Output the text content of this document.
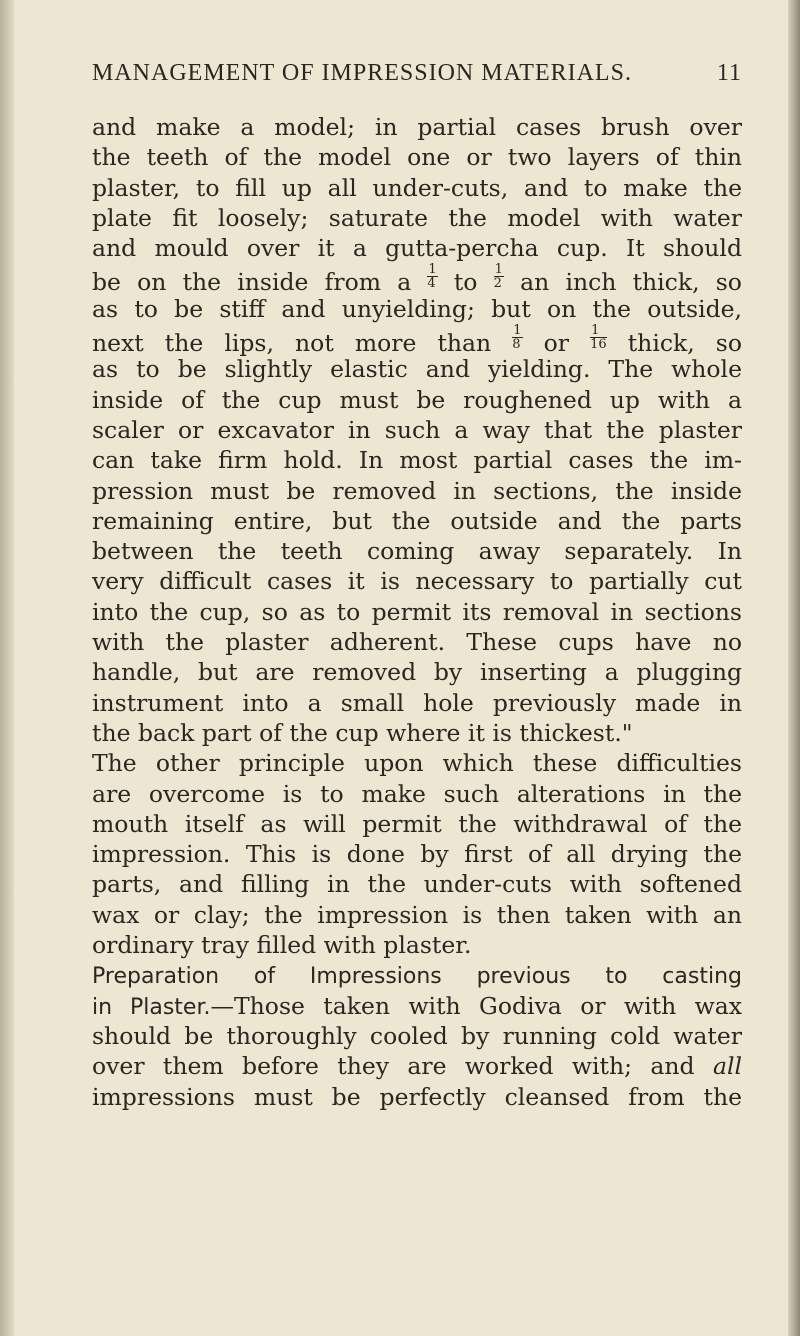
MANAGEMENT OF IMPRESSION MATERIALS.	11
and make a model; in partial cases brush over
the teeth of the model one or two layers of thin
plaster, to fill up all under-cuts, and to make the
plate fit loosely; saturate the model with water
and mould over it a gutta-percha cup. It should
be on the inside from a $\frac{1}{4}$ to $\frac{1}{2}$ an inch thick, so
as to be stiff and unyielding; but on the outside,
next the lips, not more than $\frac{1}{8}$ or $\frac{1}{16}$ thick, so
as to be slightly elastic and yielding. The whole
inside of the cup must be roughened up with a
scaler or excavator in such a way that the plaster
can take firm hold. In most partial cases the im-
pression must be removed in sections, the inside
remaining entire, but the outside and the parts
between the teeth coming away separately. In
very difficult cases it is necessary to partially cut
into the cup, so as to permit its removal in sections
with the plaster adherent. These cups have no
handle, but are removed by inserting a plugging
instrument into a small hole previously made in
the back part of the cup where it is thickest."
The other principle upon which these difficulties
are overcome is to make such alterations in the
mouth itself as will permit the withdrawal of the
impression. This is done by first of all drying the
parts, and filling in the under-cuts with softened
wax or clay; the impression is then taken with an
ordinary tray filled with plaster.
Preparation of Impressions previous to casting
in Plaster.—Those taken with Godiva or with wax
should be thoroughly cooled by running cold water
over them before they are worked with; and all
impressions must be perfectly cleansed from the
